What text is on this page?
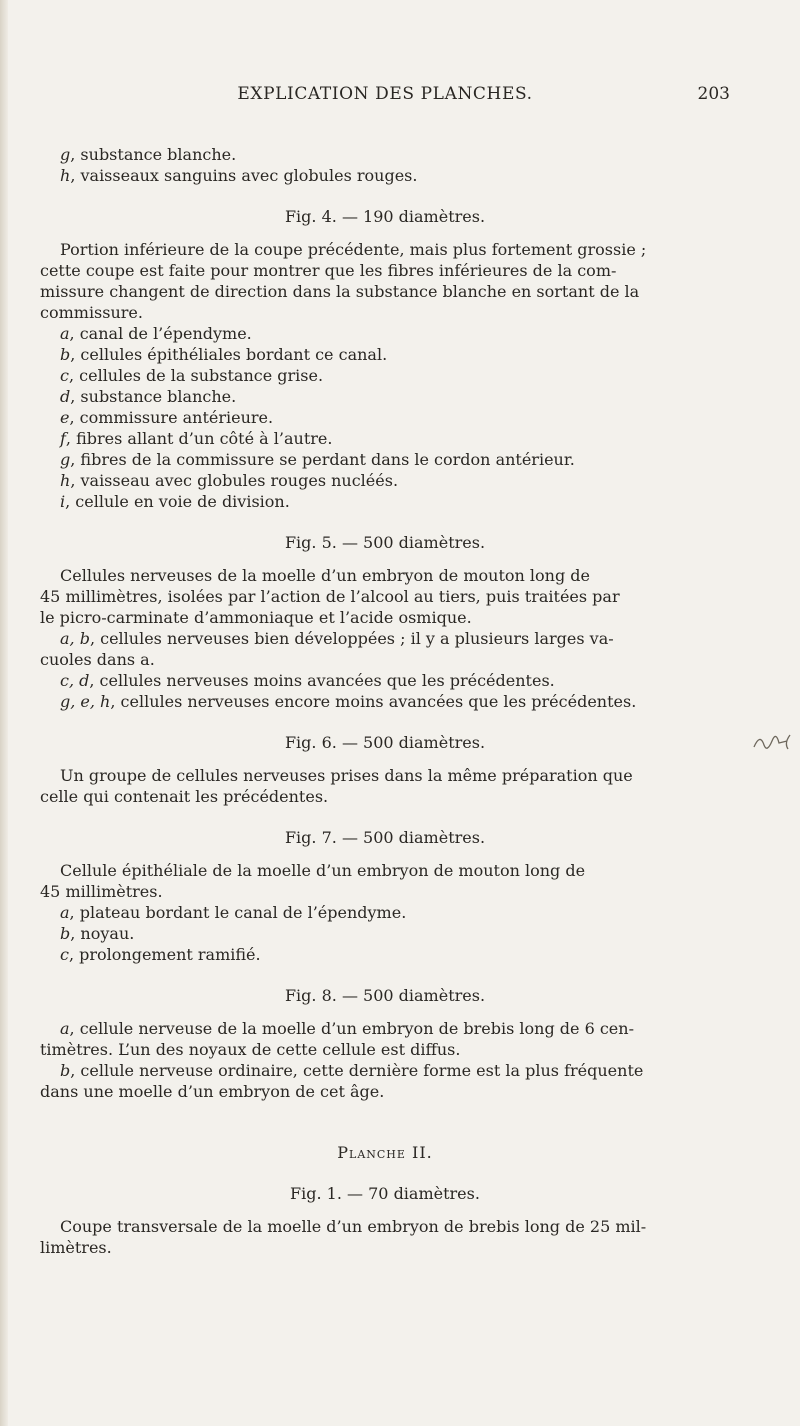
EXPLICATION DES PLANCHES.	203

g, substance blanche.

h, vaisseaux sanguins avec globules rouges.

Fig. 4. — 190 diamètres.

Portion inférieure de la coupe précédente, mais plus fortement grossie ;

cette coupe est faite pour montrer que les fibres inférieures de la com-

missure changent de direction dans la substance blanche en sortant de la

commissure.

a, canal de l’épendyme.

b, cellules épithéliales bordant ce canal.

c, cellules de la substance grise.

d, substance blanche.

e, commissure antérieure.

f, fibres allant d’un côté à l’autre.

g, fibres de la commissure se perdant dans le cordon antérieur.

h, vaisseau avec globules rouges nucléés.

i, cellule en voie de division.

Fig. 5. — 500 diamètres.

Cellules nerveuses de la moelle d’un embryon de mouton long de

45 millimètres, isolées par l’action de l’alcool au tiers, puis traitées par

le picro-carminate d’ammoniaque et l’acide osmique.

a, b, cellules nerveuses bien développées ; il y a plusieurs larges va-

cuoles dans a.

c, d, cellules nerveuses moins avancées que les précédentes.

g, e, h, cellules nerveuses encore moins avancées que les précédentes.

Fig. 6. — 500 diamètres.

Un groupe de cellules nerveuses prises dans la même préparation que

celle qui contenait les précédentes.

Fig. 7. — 500 diamètres.

Cellule épithéliale de la moelle d’un embryon de mouton long de

45 millimètres.

a, plateau bordant le canal de l’épendyme.

b, noyau.

c, prolongement ramifié.

Fig. 8. — 500 diamètres.

a, cellule nerveuse de la moelle d’un embryon de brebis long de 6 cen-

timètres. L’un des noyaux de cette cellule est diffus.

b, cellule nerveuse ordinaire, cette dernière forme est la plus fréquente

dans une moelle d’un embryon de cet âge.

Planche II.
Fig. 1. — 70 diamètres.

Coupe transversale de la moelle d’un embryon de brebis long de 25 mil-

limètres.
